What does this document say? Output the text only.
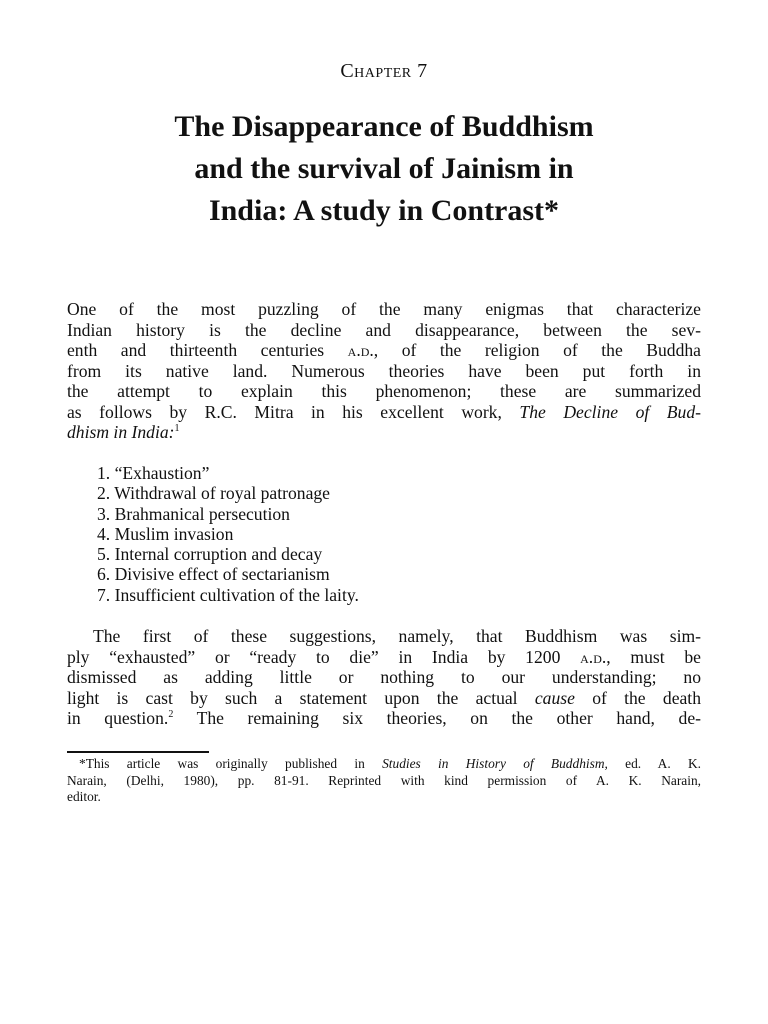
Chapter 7
The Disappearance of Buddhism
and the survival of Jainism in
India: A study in Contrast*

One of the most puzzling of the many enigmas that characterize
Indian history is the decline and disappearance, between the sev-
enth and thirteenth centuries a.d., of the religion of the Buddha
from its native land. Numerous theories have been put forth in
the attempt to explain this phenomenon; these are summarized
as follows by R.C. Mitra in his excellent work, The Decline of Bud-
dhism in India:$^1$

1. “Exhaustion”
2. Withdrawal of royal patronage
3. Brahmanical persecution
4. Muslim invasion
5. Internal corruption and decay
6. Divisive effect of sectarianism
7. Insufficient cultivation of the laity.

The first of these suggestions, namely, that Buddhism was sim-
ply “exhausted” or “ready to die” in India by 1200 a.d., must be
dismissed as adding little or nothing to our understanding; no
light is cast by such a statement upon the actual cause of the death
in question.$^2$ The remaining six theories, on the other hand, de-

*This article was originally published in Studies in History of Buddhism, ed. A. K.
Narain, (Delhi, 1980), pp. 81-91. Reprinted with kind permission of A. K. Narain,
editor.
